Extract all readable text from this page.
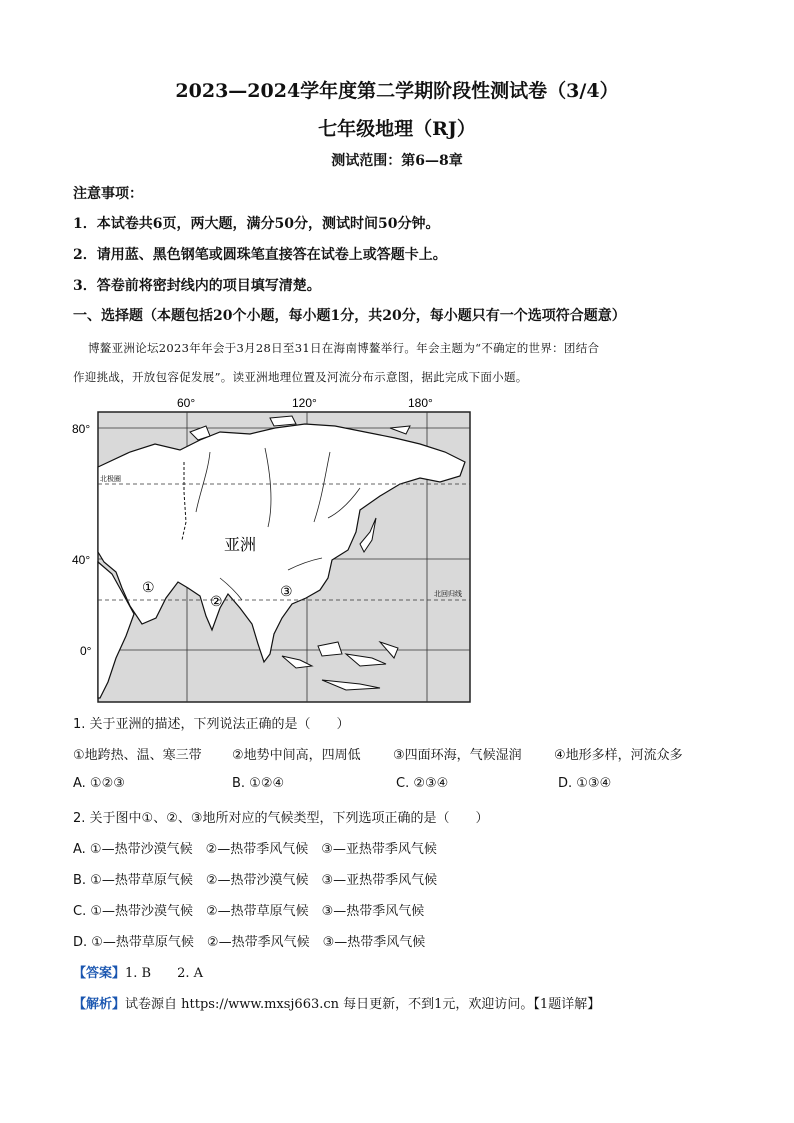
2023—2024学年度第二学期阶段性测试卷（3/4）
七年级地理（RJ）
测试范围：第6—8章
注意事项：
1．本试卷共6页，两大题，满分50分，测试时间50分钟。
2．请用蓝、黑色钢笔或圆珠笔直接答在试卷上或答题卡上。
3．答卷前将密封线内的项目填写清楚。
一、选择题（本题包括20个小题，每小题1分，共20分，每小题只有一个选项符合题意）
博鳌亚洲论坛2023年年会于3月28日至31日在海南博鳌举行。年会主题为“不确定的世界：团结合
作迎挑战，开放包容促发展”。读亚洲地理位置及河流分布示意图，据此完成下面小题。
60°	120°	180°
80°
40°
0°
亚洲
北极圈
北回归线
①
②
③
1. 关于亚洲的描述，下列说法正确的是（　　）
①地跨热、温、寒三带 ②地势中间高，四周低 ③四面环海，气候湿润 ④地形多样，河流众多
A. ①②③	B. ①②④	C. ②③④	D. ①③④
2. 关于图中①、②、③地所对应的气候类型，下列选项正确的是（　　）
A. ①—热带沙漠气候　②—热带季风气候　③—亚热带季风气候
B. ①—热带草原气候　②—热带沙漠气候　③—亚热带季风气候
C. ①—热带沙漠气候　②—热带草原气候　③—热带季风气候
D. ①—热带草原气候　②—热带季风气候　③—热带季风气候
【答案】1. B　　2. A
【解析】试卷源自 https://www.mxsj663.cn 每日更新，不到1元，欢迎访问。【1题详解】
